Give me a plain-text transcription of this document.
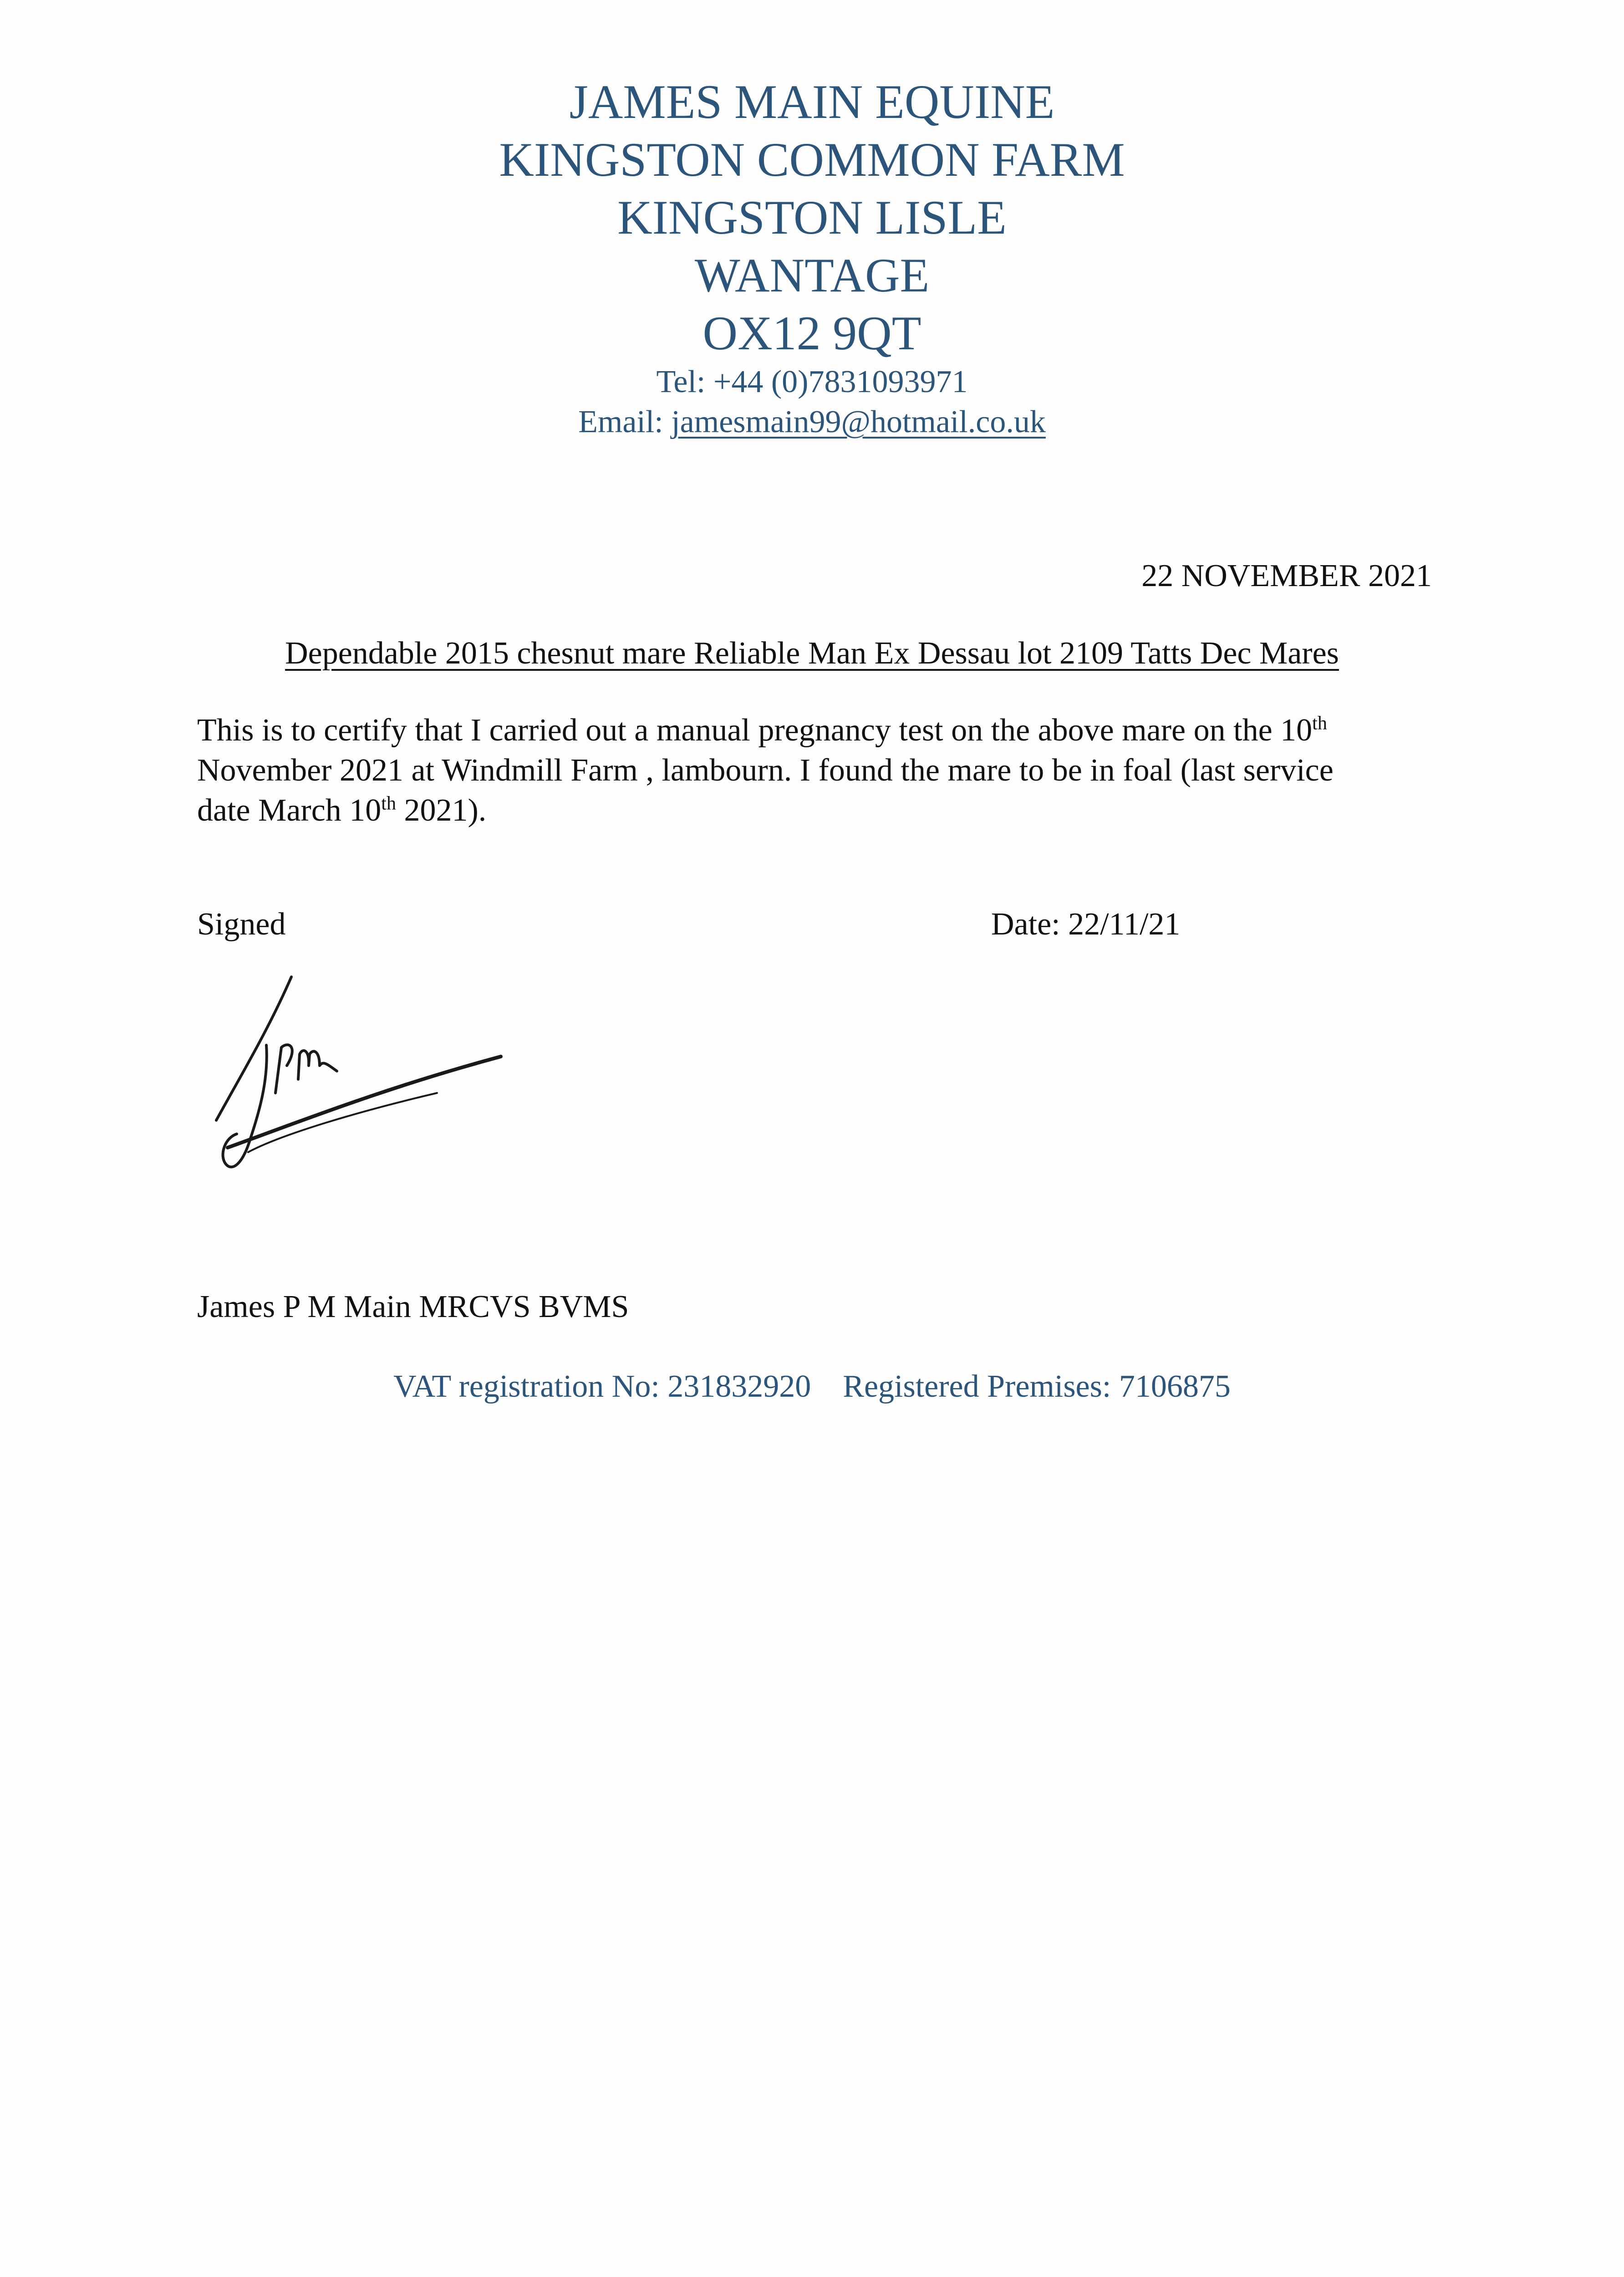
JAMES MAIN EQUINE
KINGSTON COMMON FARM
KINGSTON LISLE
WANTAGE
OX12 9QT
Tel: +44 (0)7831093971
Email: jamesmain99@hotmail.co.uk
22 NOVEMBER 2021
Dependable 2015 chesnut mare Reliable Man Ex Dessau lot 2109 Tatts Dec Mares
This is to certify that I carried out a manual pregnancy test on the above mare on the 10th
November 2021 at Windmill Farm , lambourn. I found the mare to be in foal (last service
date March 10th 2021).
Signed	Date: 22/11/21
James P M Main MRCVS BVMS
VAT registration No: 231832920 Registered Premises: 7106875
